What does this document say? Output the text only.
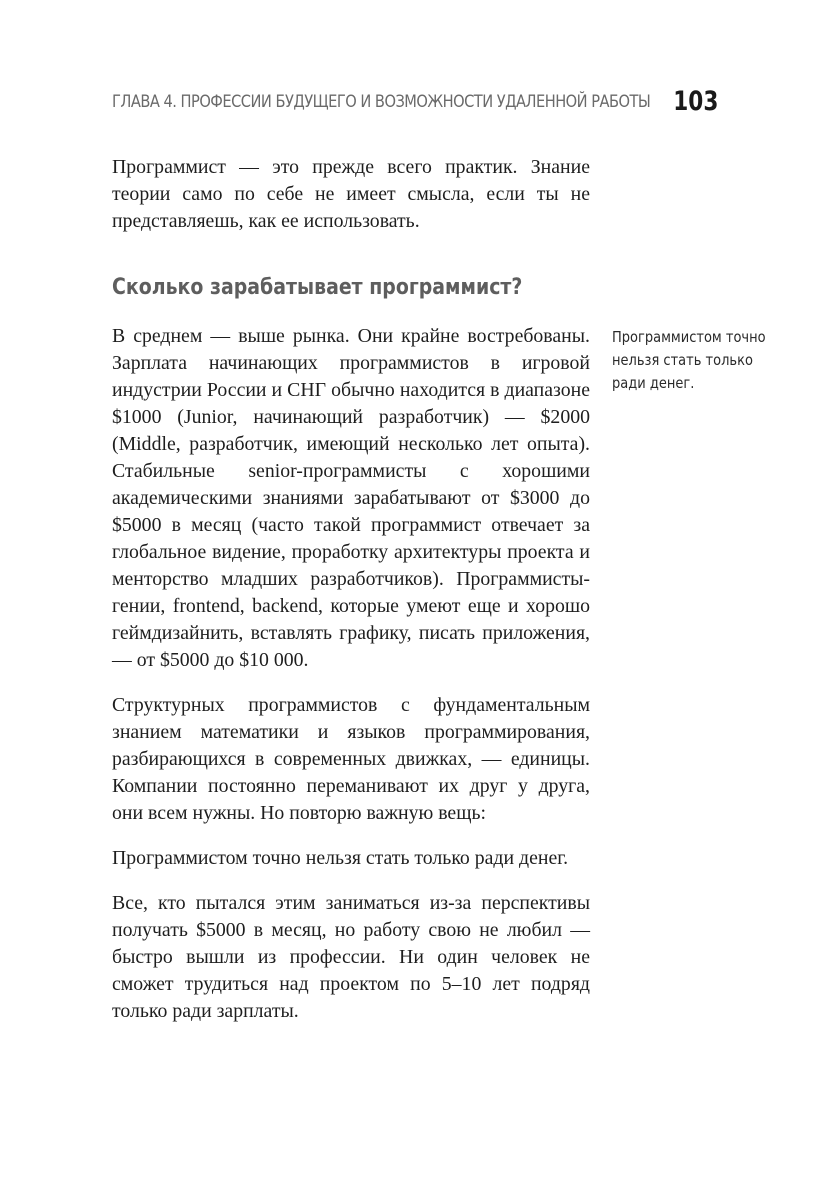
ГЛАВА 4. ПРОФЕССИИ БУДУЩЕГО И ВОЗМОЖНОСТИ УДАЛЕННОЙ РАБОТЫ 103

Программист — это прежде всего практик. Знание теории само по себе не имеет смысла, если ты не представляешь, как ее использовать.

Сколько зарабатывает программист?

В среднем — выше рынка. Они крайне востребованы. Зарплата начинающих программистов в игровой индустрии России и СНГ обычно находится в диапазоне $1000 (Junior, начинающий разработчик) — $2000 (Middle, разработчик, имеющий несколько лет опыта). Стабильные senior-программисты с хорошими академическими знаниями зарабатывают от $3000 до $5000 в месяц (часто такой программист отвечает за глобальное видение, проработку архитектуры проекта и менторство младших разработчиков). Программисты-гении, frontend, backend, которые умеют еще и хорошо геймдизайнить, вставлять графику, писать приложения, — от $5000 до $10 000.

Структурных программистов с фундаментальным знанием математики и языков программирования, разбирающихся в современных движках, — единицы. Компании постоянно переманивают их друг у друга, они всем нужны. Но повторю важную вещь:

Программистом точно нельзя стать только ради денег.

Все, кто пытался этим заниматься из-за перспективы получать $5000 в месяц, но работу свою не любил — быстро вышли из профессии. Ни один человек не сможет трудиться над проектом по 5–10 лет подряд только ради зарплаты.

Программистом точно
нельзя стать только
ради денег.
